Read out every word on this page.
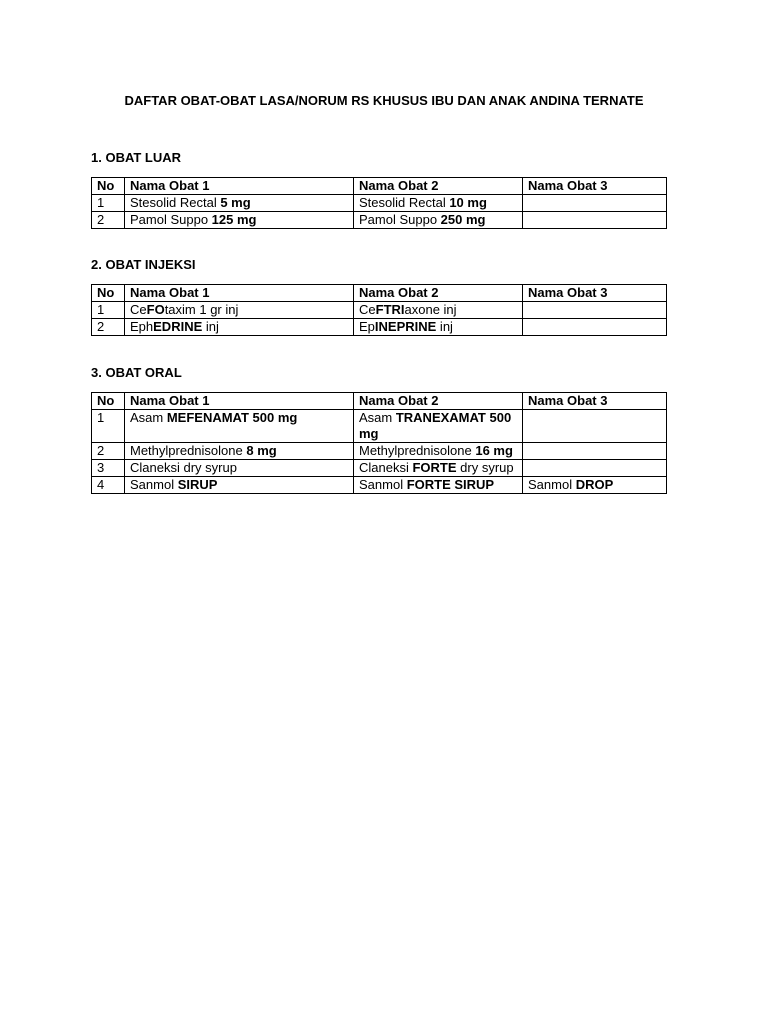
DAFTAR OBAT-OBAT LASA/NORUM RS KHUSUS IBU DAN ANAK ANDINA TERNATE
1. OBAT LUAR
No	Nama Obat 1	Nama Obat 2	Nama Obat 3
1	Stesolid Rectal 5 mg	Stesolid Rectal 10 mg	
2	Pamol Suppo 125 mg	Pamol Suppo 250 mg	
2. OBAT INJEKSI
No	Nama Obat 1	Nama Obat 2	Nama Obat 3
1	CeFOtaxim 1 gr inj	CeFTRIaxone inj	
2	EphEDRINE inj	EpINEPRINE inj	
3. OBAT ORAL
No	Nama Obat 1	Nama Obat 2	Nama Obat 3
1	Asam MEFENAMAT 500 mg	Asam TRANEXAMAT 500 mg	
2	Methylprednisolone 8 mg	Methylprednisolone 16 mg	
3	Claneksi dry syrup	Claneksi FORTE dry syrup	
4	Sanmol SIRUP	Sanmol FORTE SIRUP	Sanmol DROP
